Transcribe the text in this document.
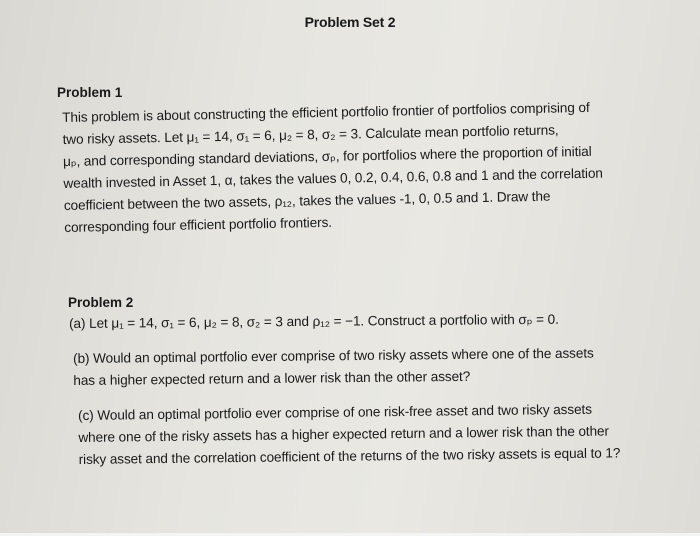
Problem Set 2
Problem 1
This problem is about constructing the efficient portfolio frontier of portfolios comprising of
two risky assets. Let μ₁ = 14, σ₁ = 6, μ₂ = 8, σ₂ = 3. Calculate mean portfolio returns,
μₚ, and corresponding standard deviations, σₚ, for portfolios where the proportion of initial
wealth invested in Asset 1, α, takes the values 0, 0.2, 0.4, 0.6, 0.8 and 1 and the correlation
coefficient between the two assets, ρ₁₂, takes the values -1, 0, 0.5 and 1. Draw the
corresponding four efficient portfolio frontiers.
Problem 2
(a) Let μ₁ = 14, σ₁ = 6, μ₂ = 8, σ₂ = 3 and ρ₁₂ = −1. Construct a portfolio with σₚ = 0.
(b) Would an optimal portfolio ever comprise of two risky assets where one of the assets
has a higher expected return and a lower risk than the other asset?
(c) Would an optimal portfolio ever comprise of one risk-free asset and two risky assets
where one of the risky assets has a higher expected return and a lower risk than the other
risky asset and the correlation coefficient of the returns of the two risky assets is equal to 1?
